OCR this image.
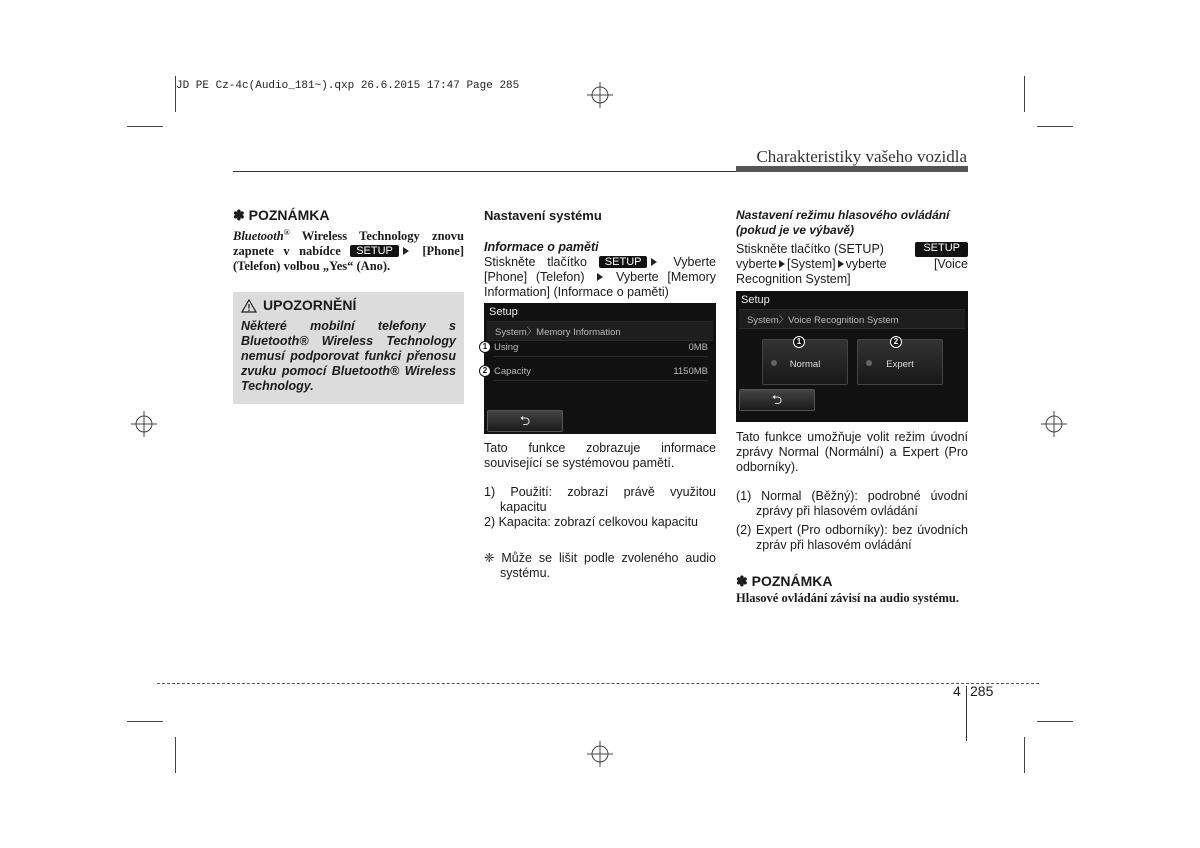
JD PE Cz-4c(Audio_181~).qxp 26.6.2015 17:47 Page 285
Charakteristiky vašeho vozidla
✽ POZNÁMKA
Bluetooth® Wireless Technology znovu zapnete v nabídce SETUP [Phone] (Telefon) volbou „Yes“ (Ano).
UPOZORNĚNÍ
Některé mobilní telefony s Bluetooth® Wireless Technology nemusí podporovat funkci přenosu zvuku pomocí Bluetooth® Wireless Technology.
Nastavení systému
Informace o paměti
Stiskněte tlačítko SETUP Vyberte [Phone] (Telefon)  Vyberte [Memory Information] (Informace o paměti)
Setup
System〉Memory Information
Using	0MB
Capacity	1150MB
1
2
⮌
Tato funkce zobrazuje informace související se systémovou pamětí.
1) Použití: zobrazí právě využitou kapacitu
2) Kapacita: zobrazí celkovou kapacitu
❈ Může se lišit podle zvoleného audio systému.
Nastavení režimu hlasového ovládání (pokud je ve výbavě)
Stiskněte tlačítko (SETUP)	SETUP
vyberte [System] vyberte [Voice Recognition System]
Setup
System〉Voice Recognition System
Normal	Expert
1	2
⮌
Tato funkce umožňuje volit režim úvodní zprávy Normal (Normální) a Expert (Pro odborníky).
(1) Normal (Běžný): podrobné úvodní zprávy při hlasovém ovládání
(2) Expert (Pro odborníky): bez úvodních zpráv při hlasovém ovládání
✽ POZNÁMKA
Hlasové ovládání závisí na audio systému.
4 285
